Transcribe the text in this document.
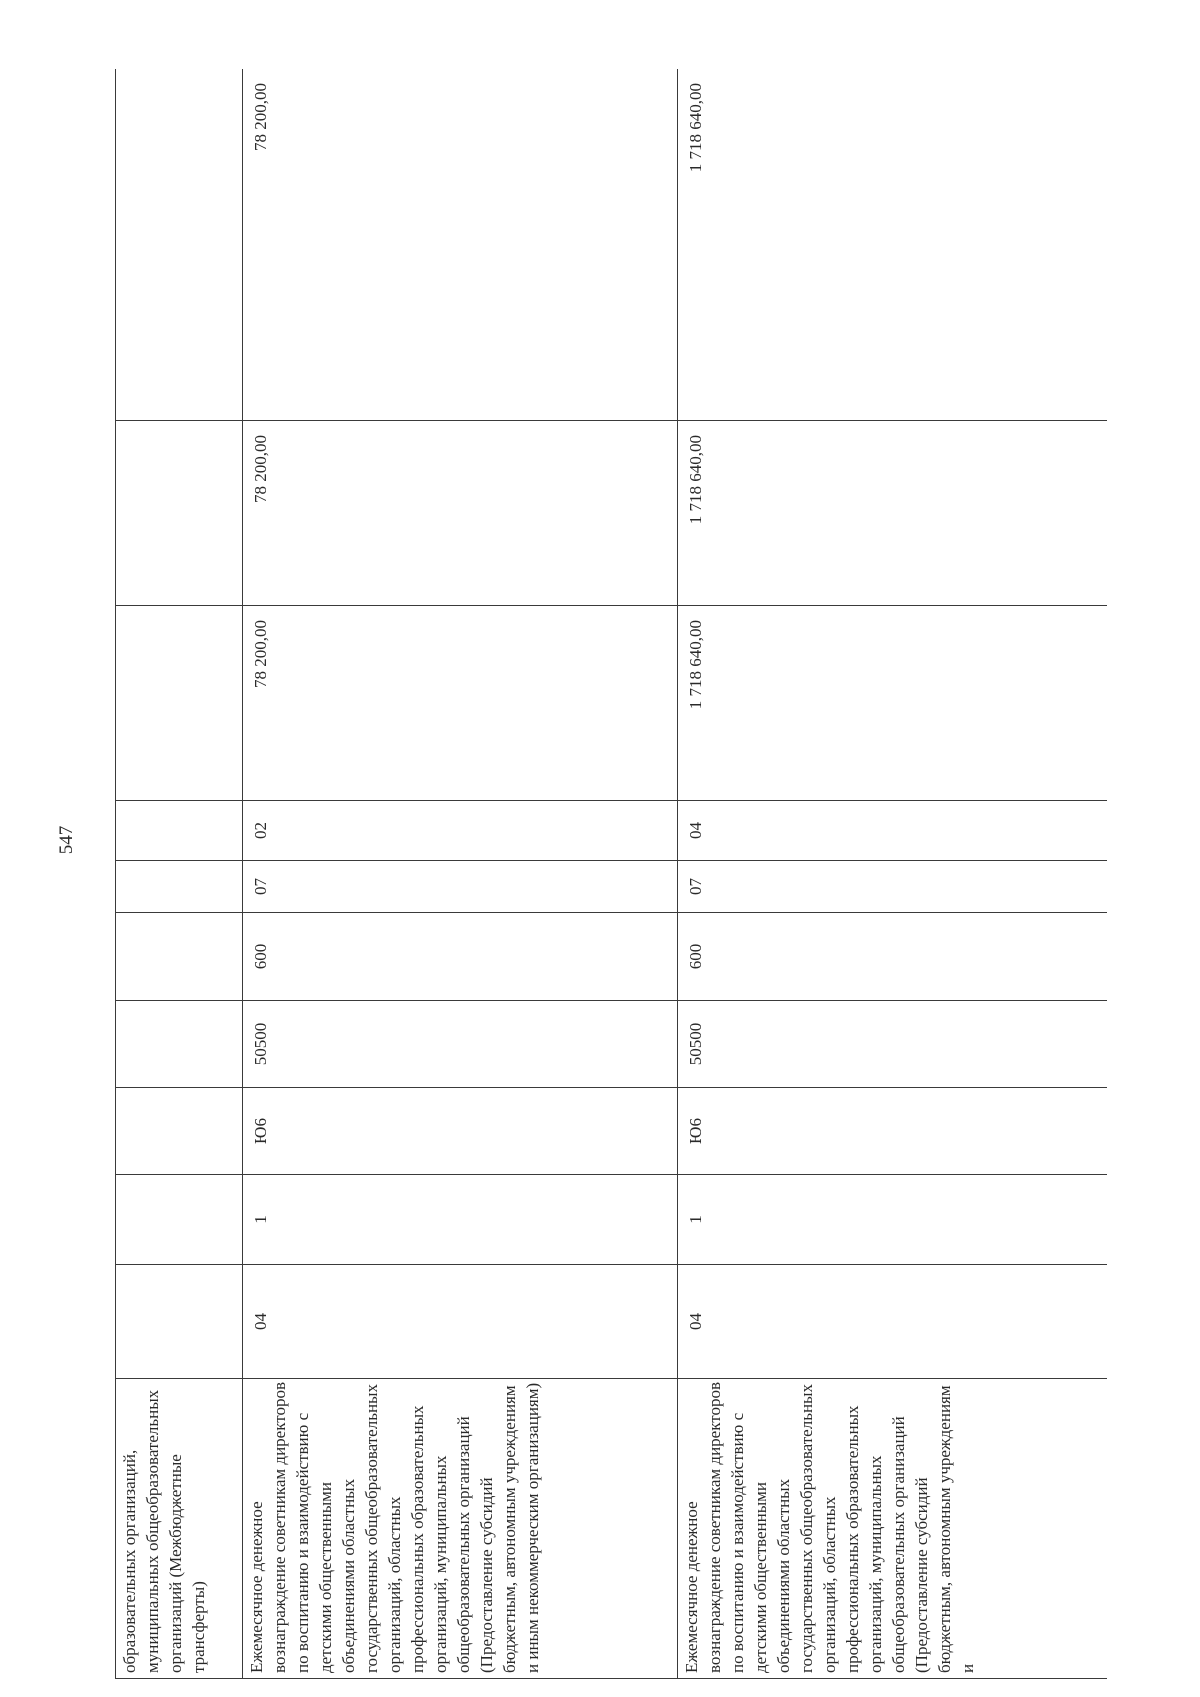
547
образовательных организаций, муниципальных общеобразовательных организаций (Межбюджетные трансферты)										
Ежемесячное денежное вознаграждение советникам директоров по воспитанию и взаимодействию с детскими общественными объединениями областных государственных общеобразовательных организаций, областных профессиональных образовательных организаций, муниципальных общеобразовательных организаций (Предоставление субсидий бюджетным, автономным учреждениям и иным некоммерческим организациям)	04	1	Ю6	50500	600	07	02	78 200,00	78 200,00	78 200,00
Ежемесячное денежное вознаграждение советникам директоров по воспитанию и взаимодействию с детскими общественными объединениями областных государственных общеобразовательных организаций, областных профессиональных образовательных организаций, муниципальных общеобразовательных организаций (Предоставление субсидий бюджетным, автономным учреждениям и	04	1	Ю6	50500	600	07	04	1 718 640,00	1 718 640,00	1 718 640,00
